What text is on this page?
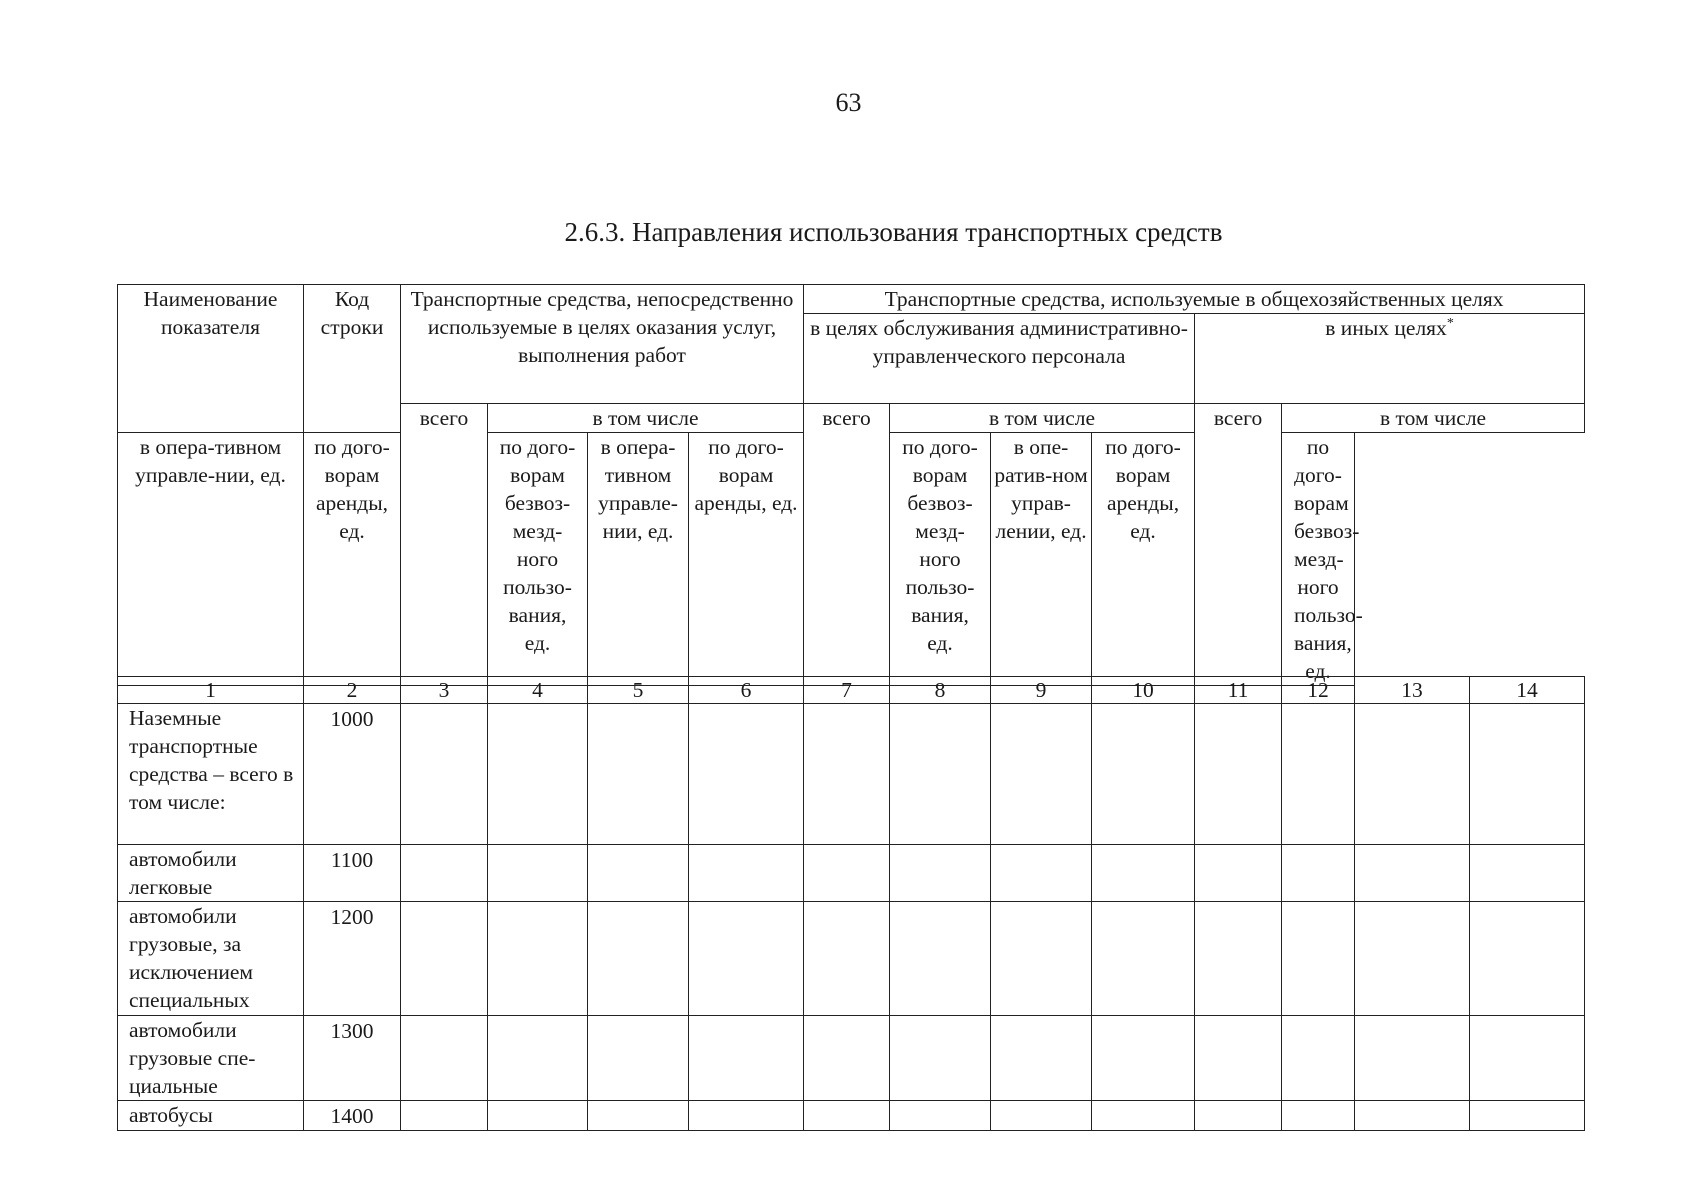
63
2.6.3. Направления использования транспортных средств
Наименование показателя	Код строки	Транспортные средства, непосредственно используемые в целях оказания услуг, выполнения работ				Транспортные средства, используемые в общехозяйственных целях					
						в целях обслуживания административно-управленческого персонала				в иных целях*
		всего	в том числе			всего	в том числе			всего	в том числе
в опера-тивном управле-нии, ед.	по дого-ворам аренды, ед.		по дого-ворам безвоз-мезд-ного пользо-вания, ед.	в опера-тивном управле-нии, ед.	по дого-ворам аренды, ед.		по дого-ворам безвоз-мезд-ного пользо-вания, ед.	в опе-ратив-ном управ-лении, ед.	по дого-ворам аренды, ед.		по дого-ворам безвоз-мезд-ного пользо-вания, ед.
1	2	3	4	5	6	7	8	9	10	11	12	13	14
Наземные транспортные средства – всего в том числе:	1000												
автомобили легковые	1100												
автомобили грузовые, за исключением специальных	1200												
автомобили грузовые спе-циальные	1300												
автобусы	1400												
